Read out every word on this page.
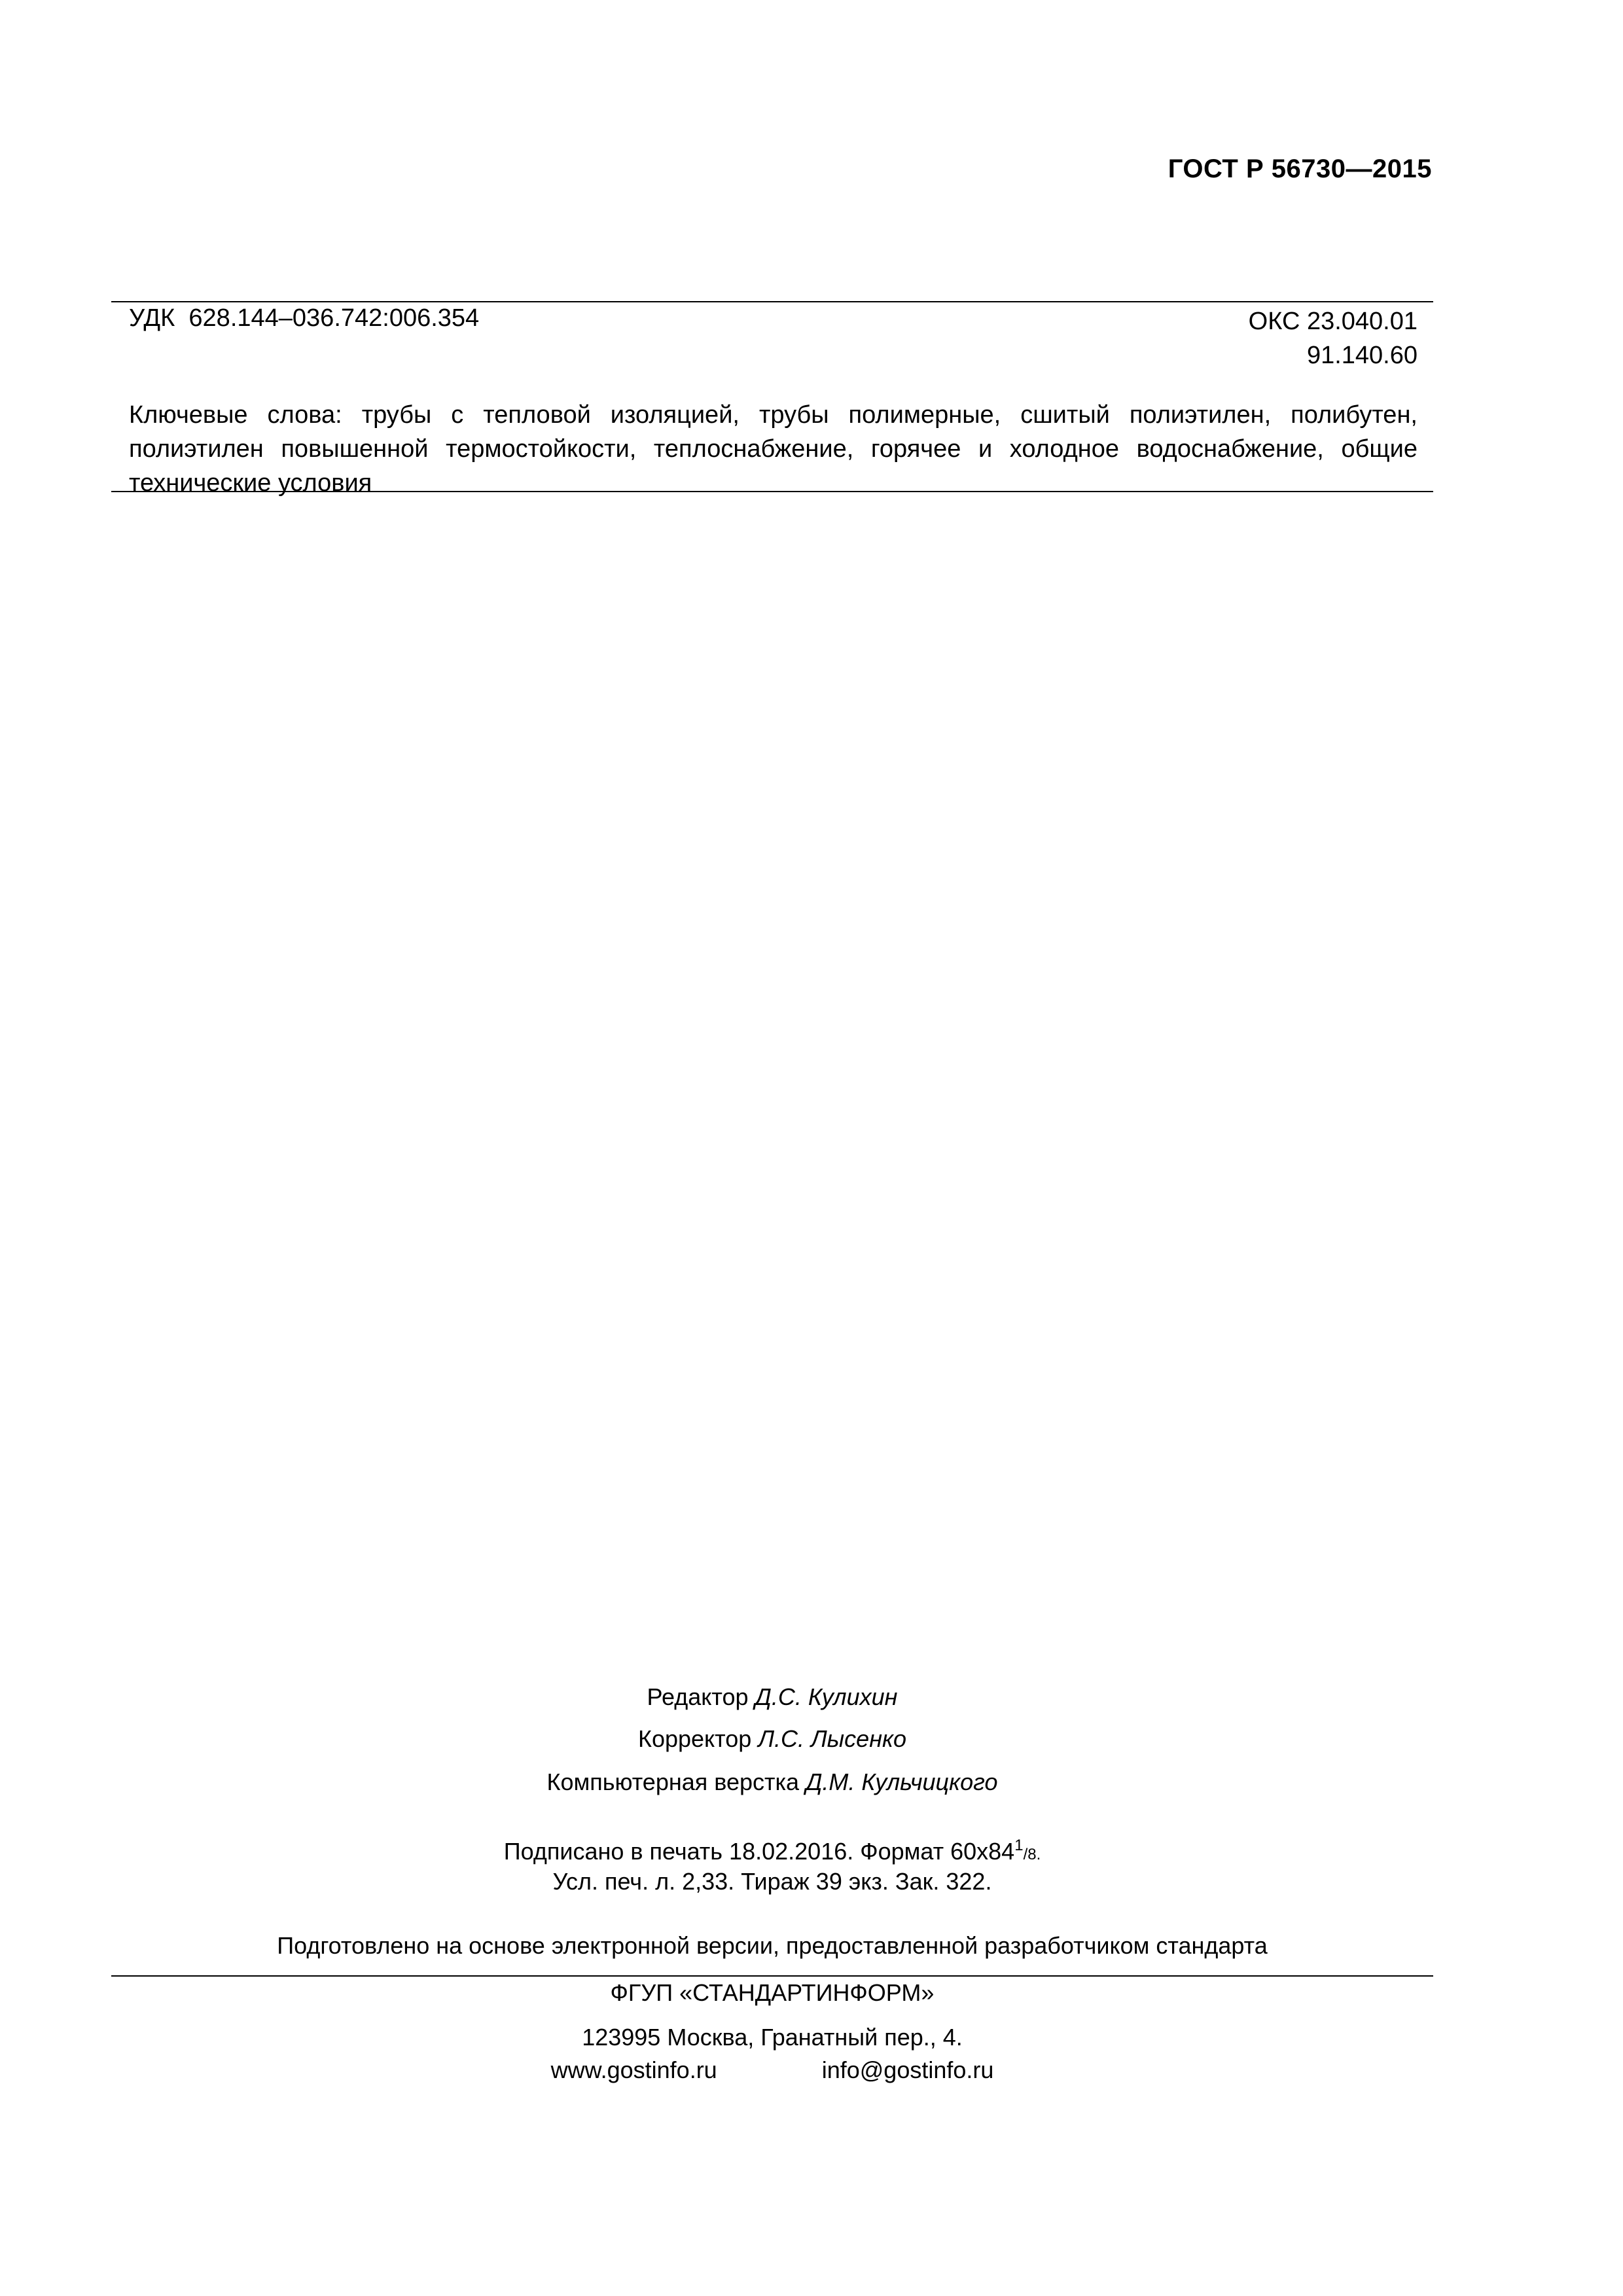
ГОСТ Р 56730—2015
УДК  628.144–036.742:006.354	ОКС 23.040.01
91.140.60
Ключевые слова: трубы с тепловой изоляцией, трубы полимерные, сшитый полиэтилен, полибутен, полиэтилен повышенной термостойкости, теплоснабжение, горячее и холодное водоснабжение, общие технические условия
Редактор Д.С. Кулихин
Корректор Л.С. Лысенко
Компьютерная верстка Д.М. Кульчицкого
Подписано в печать 18.02.2016. Формат $60х84^1/8$.
Усл. печ. л. 2,33. Тираж 39 экз. Зак. 322.
Подготовлено на основе электронной версии, предоставленной разработчиком стандарта
ФГУП «СТАНДАРТИНФОРМ»
123995 Москва, Гранатный пер., 4.
www.gostinfo.ru	info@gostinfo.ru
